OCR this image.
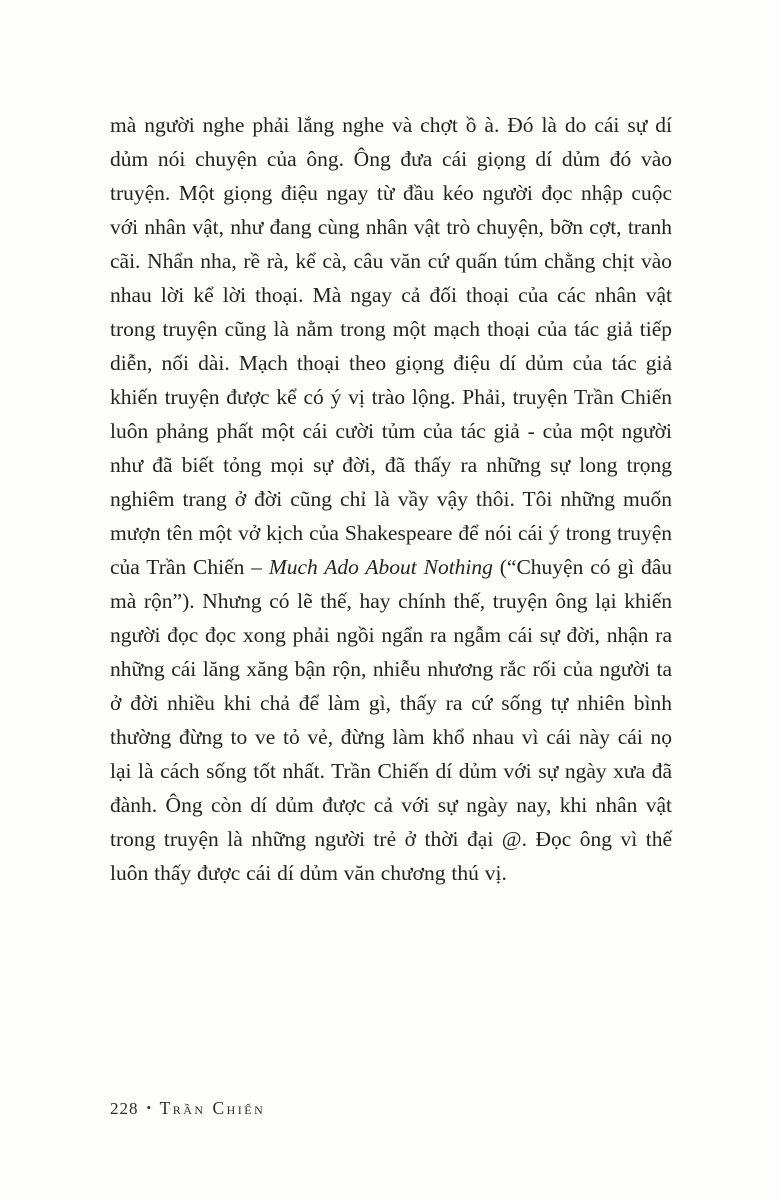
mà người nghe phải lắng nghe và chợt ồ à. Đó là do cái sự dí dủm nói chuyện của ông. Ông đưa cái giọng dí dủm đó vào truyện. Một giọng điệu ngay từ đầu kéo người đọc nhập cuộc với nhân vật, như đang cùng nhân vật trò chuyện, bỡn cợt, tranh cãi. Nhẩn nha, rề rà, kể cà, câu văn cứ quấn túm chằng chịt vào nhau lời kể lời thoại. Mà ngay cả đối thoại của các nhân vật trong truyện cũng là nằm trong một mạch thoại của tác giả tiếp diễn, nối dài. Mạch thoại theo giọng điệu dí dủm của tác giả khiến truyện được kể có ý vị trào lộng. Phải, truyện Trần Chiến luôn phảng phất một cái cười tủm của tác giả - của một người như đã biết tỏng mọi sự đời, đã thấy ra những sự long trọng nghiêm trang ở đời cũng chỉ là vầy vậy thôi. Tôi những muốn mượn tên một vở kịch của Shakespeare để nói cái ý trong truyện của Trần Chiến – Much Ado About Nothing (“Chuyện có gì đâu mà rộn”). Nhưng có lẽ thế, hay chính thế, truyện ông lại khiến người đọc đọc xong phải ngồi ngẩn ra ngẫm cái sự đời, nhận ra những cái lăng xăng bận rộn, nhiễu nhương rắc rối của người ta ở đời nhiều khi chả để làm gì, thấy ra cứ sống tự nhiên bình thường đừng to ve tỏ vẻ, đừng làm khổ nhau vì cái này cái nọ lại là cách sống tốt nhất. Trần Chiến dí dủm với sự ngày xưa đã đành. Ông còn dí dủm được cả với sự ngày nay, khi nhân vật trong truyện là những người trẻ ở thời đại @. Đọc ông vì thế luôn thấy được cái dí dủm văn chương thú vị.

228 • Trần Chiến
